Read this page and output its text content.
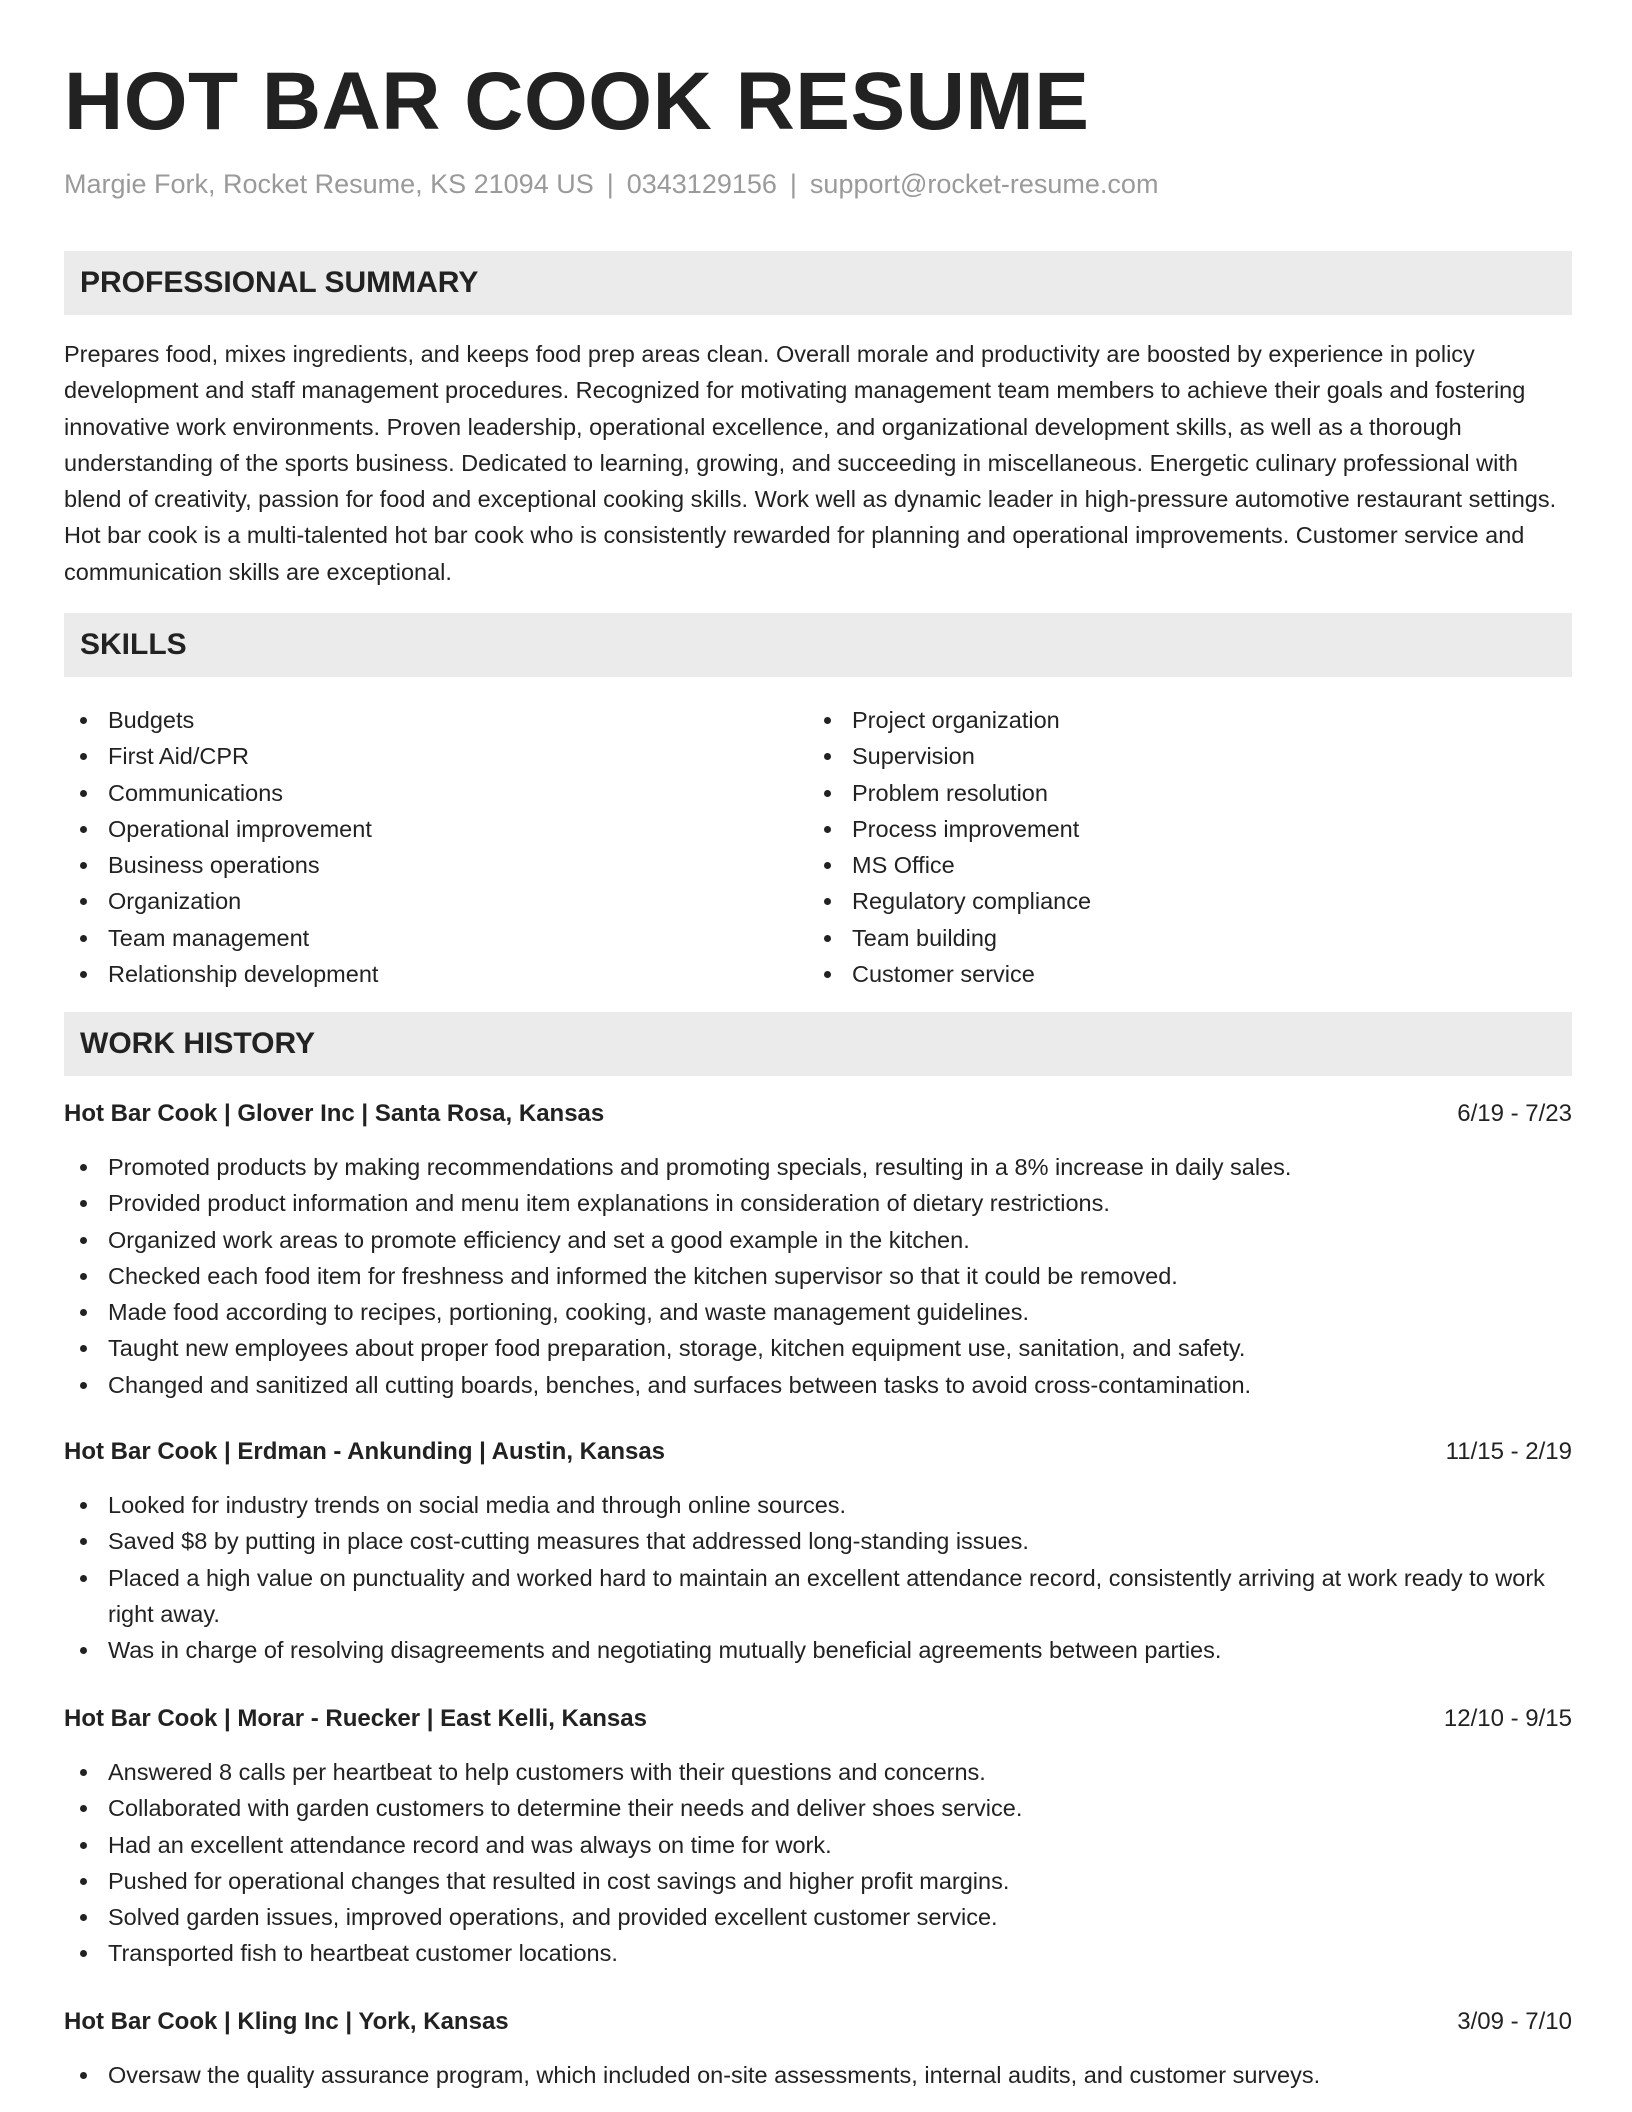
HOT BAR COOK RESUME
Margie Fork, Rocket Resume, KS 21094 US | 0343129156 | support@rocket-resume.com
PROFESSIONAL SUMMARY

Prepares food, mixes ingredients, and keeps food prep areas clean. Overall morale and productivity are boosted by experience in policy development and staff management procedures. Recognized for motivating management team members to achieve their goals and fostering innovative work environments. Proven leadership, operational excellence, and organizational development skills, as well as a thorough understanding of the sports business. Dedicated to learning, growing, and succeeding in miscellaneous. Energetic culinary professional with blend of creativity, passion for food and exceptional cooking skills. Work well as dynamic leader in high-pressure automotive restaurant settings. Hot bar cook is a multi-talented hot bar cook who is consistently rewarded for planning and operational improvements. Customer service and communication skills are exceptional.

SKILLS
Budgets
First Aid/CPR
Communications
Operational improvement
Business operations
Organization
Team management
Relationship development
Project organization
Supervision
Problem resolution
Process improvement
MS Office
Regulatory compliance
Team building
Customer service
WORK HISTORY
Hot Bar Cook | Glover Inc | Santa Rosa, Kansas	6/19 - 7/23
Promoted products by making recommendations and promoting specials, resulting in a 8% increase in daily sales.
Provided product information and menu item explanations in consideration of dietary restrictions.
Organized work areas to promote efficiency and set a good example in the kitchen.
Checked each food item for freshness and informed the kitchen supervisor so that it could be removed.
Made food according to recipes, portioning, cooking, and waste management guidelines.
Taught new employees about proper food preparation, storage, kitchen equipment use, sanitation, and safety.
Changed and sanitized all cutting boards, benches, and surfaces between tasks to avoid cross-contamination.
Hot Bar Cook | Erdman - Ankunding | Austin, Kansas	11/15 - 2/19
Looked for industry trends on social media and through online sources.
Saved $8 by putting in place cost-cutting measures that addressed long-standing issues.
Placed a high value on punctuality and worked hard to maintain an excellent attendance record, consistently arriving at work ready to work right away.
Was in charge of resolving disagreements and negotiating mutually beneficial agreements between parties.
Hot Bar Cook | Morar - Ruecker | East Kelli, Kansas	12/10 - 9/15
Answered 8 calls per heartbeat to help customers with their questions and concerns.
Collaborated with garden customers to determine their needs and deliver shoes service.
Had an excellent attendance record and was always on time for work.
Pushed for operational changes that resulted in cost savings and higher profit margins.
Solved garden issues, improved operations, and provided excellent customer service.
Transported fish to heartbeat customer locations.
Hot Bar Cook | Kling Inc | York, Kansas	3/09 - 7/10
Oversaw the quality assurance program, which included on-site assessments, internal audits, and customer surveys.
